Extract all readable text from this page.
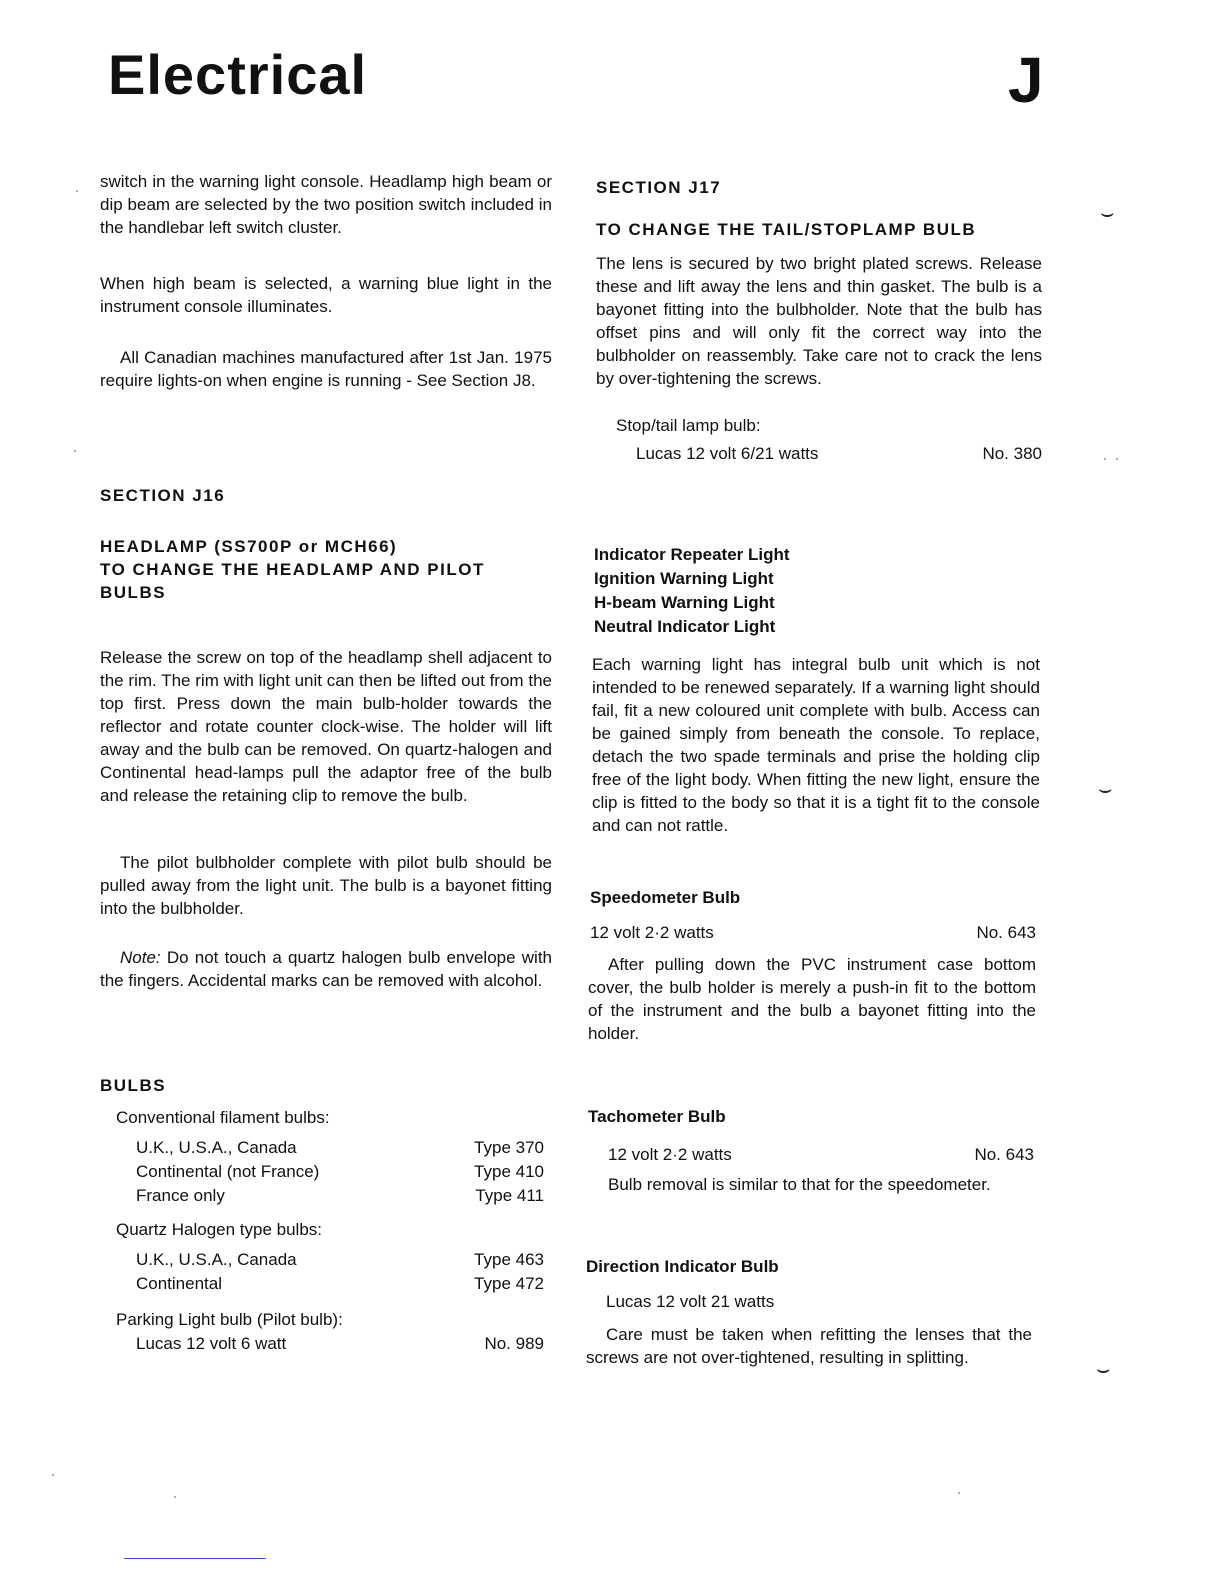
Electrical	J

switch in the warning light console. Headlamp high beam or dip beam are selected by the two position switch included in the handlebar left switch cluster.

When high beam is selected, a warning blue light in the instrument console illuminates.

All Canadian machines manufactured after 1st Jan. 1975 require lights-on when engine is running - See Section J8.

SECTION J16
HEADLAMP (SS700P or MCH66)
TO CHANGE THE HEADLAMP AND PILOT BULBS

Release the screw on top of the headlamp shell adjacent to the rim. The rim with light unit can then be lifted out from the top first. Press down the main bulb-holder towards the reflector and rotate counter clock-wise. The holder will lift away and the bulb can be removed. On quartz-halogen and Continental head-lamps pull the adaptor free of the bulb and release the retaining clip to remove the bulb.

The pilot bulbholder complete with pilot bulb should be pulled away from the light unit. The bulb is a bayonet fitting into the bulbholder.

Note: Do not touch a quartz halogen bulb envelope with the fingers. Accidental marks can be removed with alcohol.

BULBS
Conventional filament bulbs:
U.K., U.S.A., Canada	Type 370
Continental (not France)	Type 410
France only	Type 411
Quartz Halogen type bulbs:
U.K., U.S.A., Canada	Type 463
Continental	Type 472
Parking Light bulb (Pilot bulb):
Lucas 12 volt 6 watt	No. 989
SECTION J17
TO CHANGE THE TAIL/STOPLAMP BULB

The lens is secured by two bright plated screws. Release these and lift away the lens and thin gasket. The bulb is a bayonet fitting into the bulbholder. Note that the bulb has offset pins and will only fit the correct way into the bulbholder on reassembly. Take care not to crack the lens by over-tightening the screws.

Stop/tail lamp bulb:
Lucas 12 volt 6/21 watts	No. 380
Indicator Repeater Light
Ignition Warning Light
H-beam Warning Light
Neutral Indicator Light

Each warning light has integral bulb unit which is not intended to be renewed separately. If a warning light should fail, fit a new coloured unit complete with bulb. Access can be gained simply from beneath the console. To replace, detach the two spade terminals and prise the holding clip free of the light body. When fitting the new light, ensure the clip is fitted to the body so that it is a tight fit to the console and can not rattle.

Speedometer Bulb
12 volt 2·2 watts	No. 643

After pulling down the PVC instrument case bottom cover, the bulb holder is merely a push-in fit to the bottom of the instrument and the bulb a bayonet fitting into the holder.

Tachometer Bulb
12 volt 2·2 watts	No. 643
Bulb removal is similar to that for the speedometer.
Direction Indicator Bulb
Lucas 12 volt 21 watts

Care must be taken when refitting the lenses that the screws are not over-tightened, resulting in splitting.

⌣
⌣
⌣
